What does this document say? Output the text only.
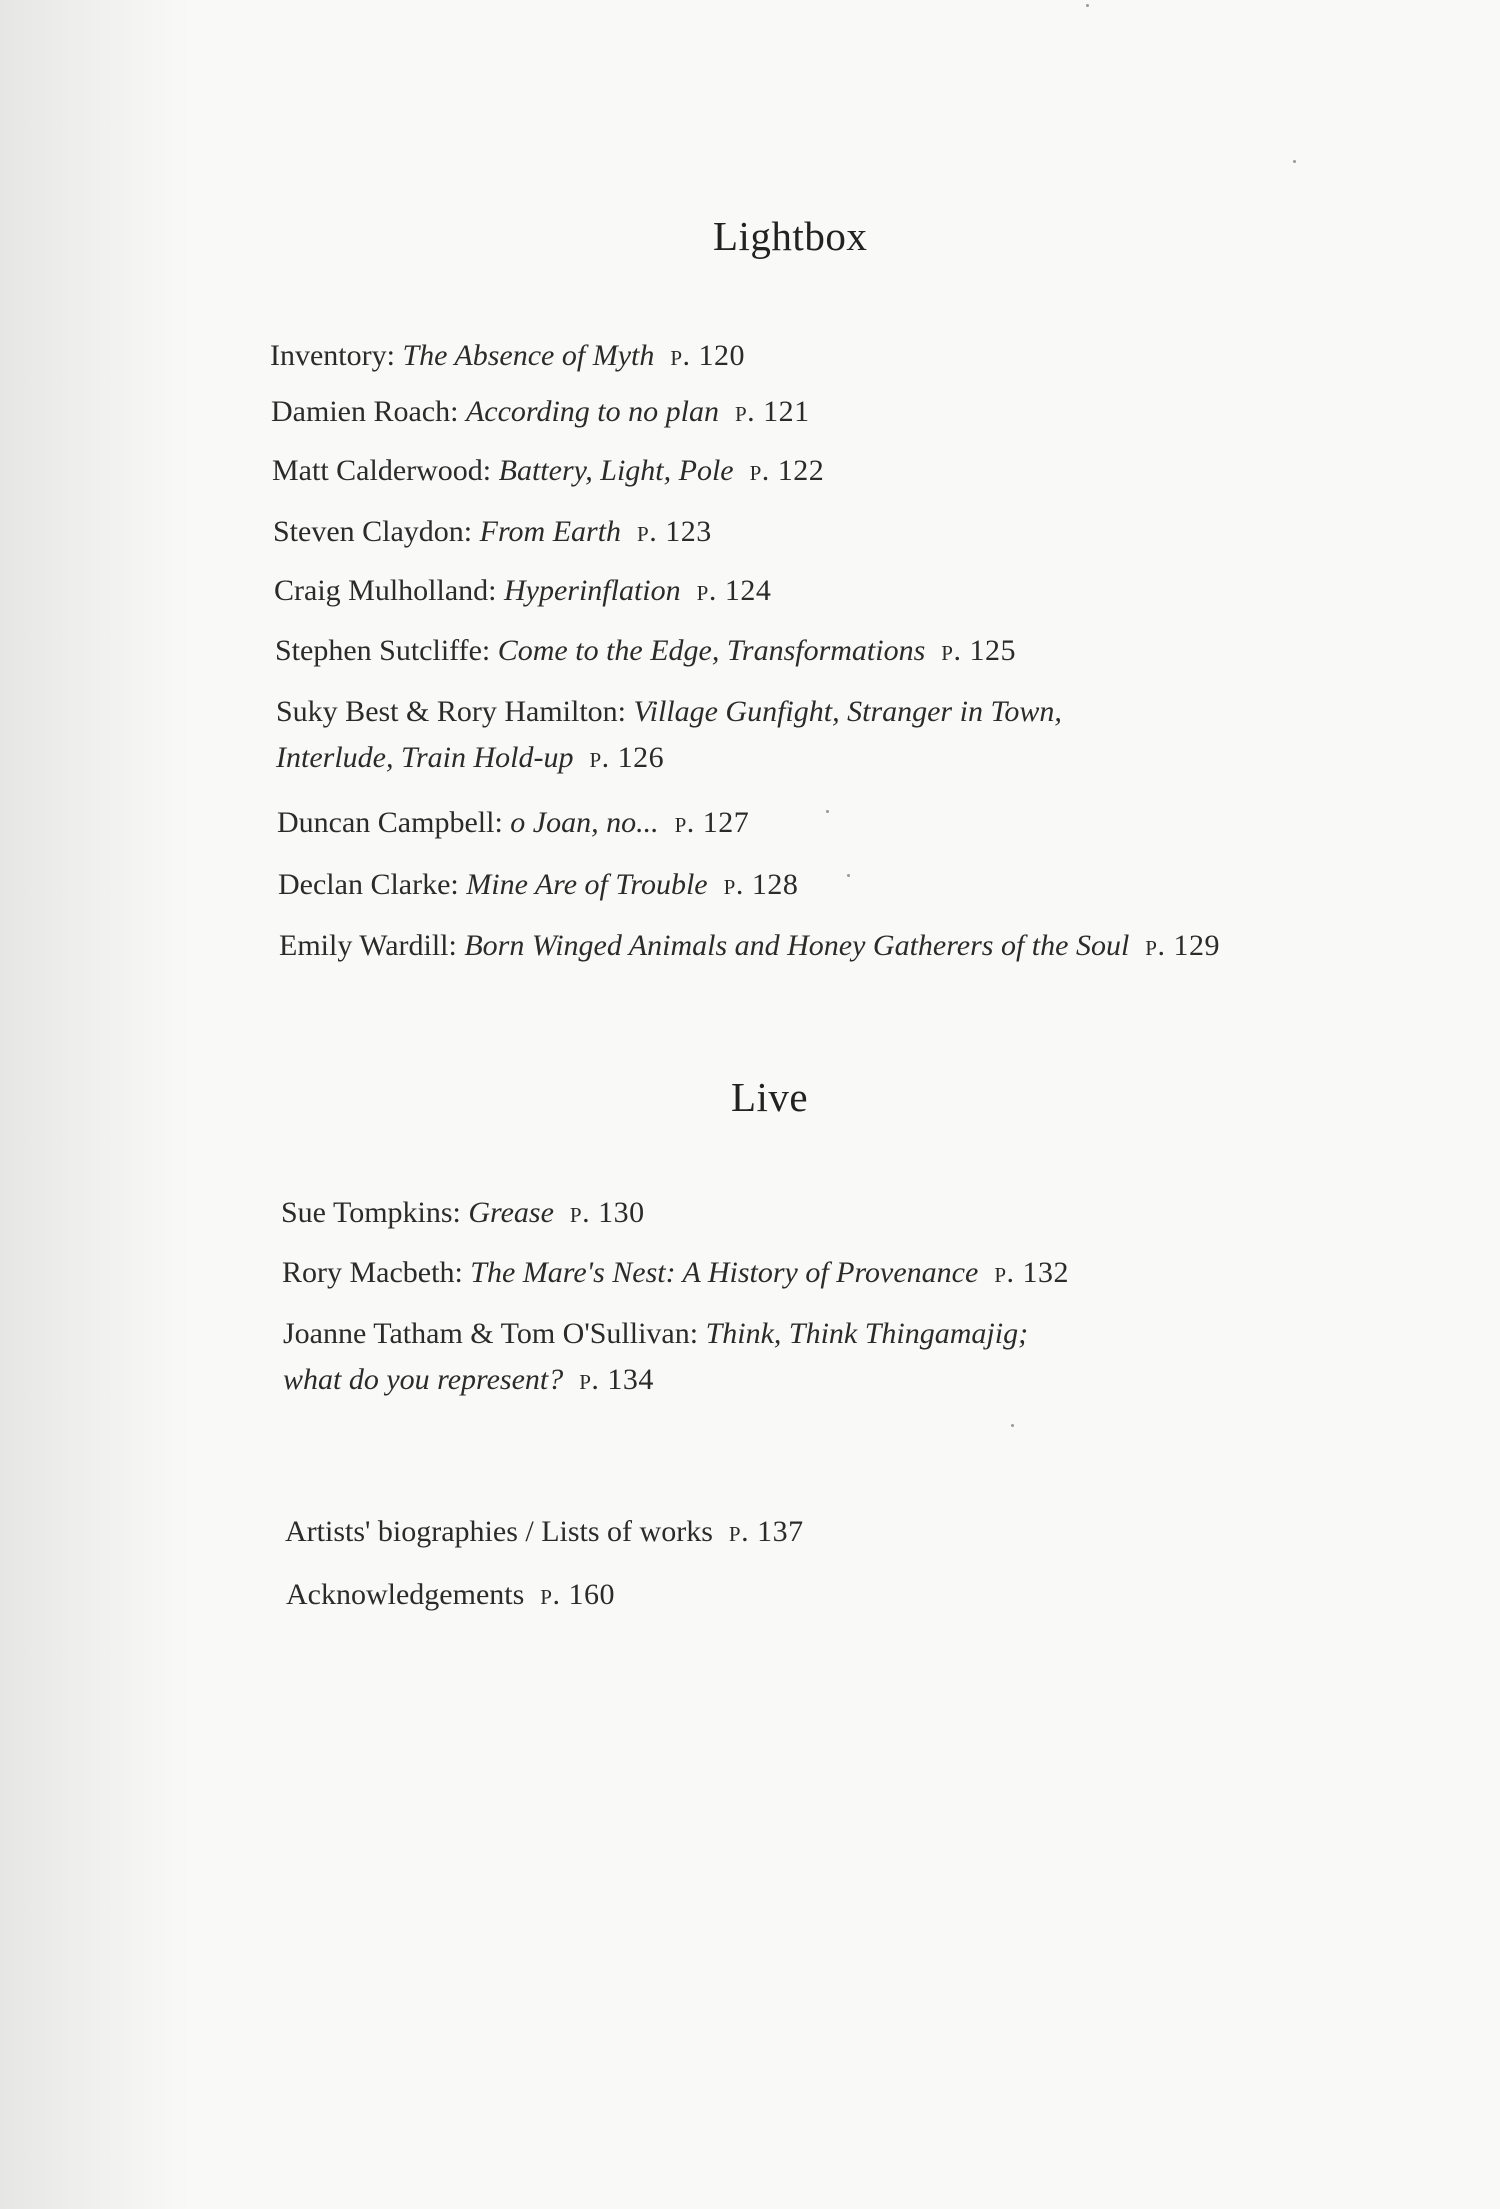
Lightbox
Inventory: The Absence of Myth p. 120
Damien Roach: According to no plan p. 121
Matt Calderwood: Battery, Light, Pole p. 122
Steven Claydon: From Earth p. 123
Craig Mulholland: Hyperinflation p. 124
Stephen Sutcliffe: Come to the Edge, Transformations p. 125
Suky Best & Rory Hamilton: Village Gunfight, Stranger in Town,
Interlude, Train Hold-up p. 126
Duncan Campbell: o Joan, no... p. 127
Declan Clarke: Mine Are of Trouble p. 128
Emily Wardill: Born Winged Animals and Honey Gatherers of the Soul p. 129
Live
Sue Tompkins: Grease p. 130
Rory Macbeth: The Mare's Nest: A History of Provenance p. 132
Joanne Tatham & Tom O'Sullivan: Think, Think Thingamajig;
what do you represent? p. 134
Artists' biographies / Lists of works p. 137
Acknowledgements p. 160
